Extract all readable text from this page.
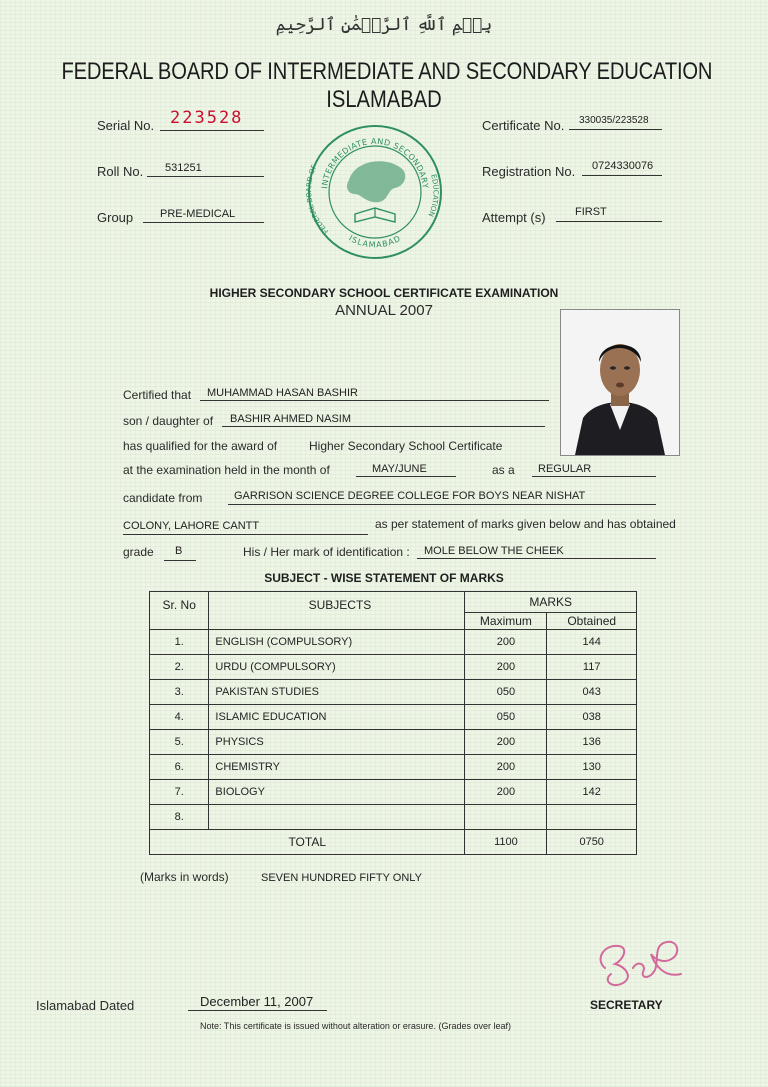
بِسۡمِ ٱللَّهِ ٱلرَّحۡمَٰنِ ٱلرَّحِيمِ
FEDERAL BOARD OF INTERMEDIATE AND SECONDARY EDUCATION
ISLAMABAD
Serial No. 223528
Roll No. 531251
Group PRE-MEDICAL
Certificate No. 330035/223528
Registration No. 0724330076
Attempt (s)	FIRST
INTERMEDIATE AND SECONDARY
FEDERAL BOARD OF
EDUCATION
ISLAMABAD
HIGHER SECONDARY SCHOOL CERTIFICATE EXAMINATION
ANNUAL 2007
Certified that MUHAMMAD HASAN BASHIR
son / daughter of BASHIR AHMED NASIM
has qualified for the award of	Higher Secondary School Certificate
at the examination held in the month of	MAY/JUNE	as a REGULAR
candidate from	GARRISON SCIENCE DEGREE COLLEGE FOR BOYS NEAR NISHAT
COLONY, LAHORE CANTT	as per statement of marks given below and has obtained
grade B	His / Her mark of identification : MOLE BELOW THE CHEEK
SUBJECT - WISE STATEMENT OF MARKS
Sr. No	SUBJECTS	MARKS	
		Maximum	Obtained
1.	ENGLISH (COMPULSORY)	200	144
2.	URDU (COMPULSORY)	200	117
3.	PAKISTAN STUDIES	050	043
4.	ISLAMIC EDUCATION	050	038
5.	PHYSICS	200	136
6.	CHEMISTRY	200	130
7.	BIOLOGY	200	142
8.			
TOTAL		1100	0750
(Marks in words)	SEVEN HUNDRED FIFTY ONLY
Islamabad Dated	December 11, 2007	SECRETARY
Note: This certificate is issued without alteration or erasure. (Grades over leaf)
